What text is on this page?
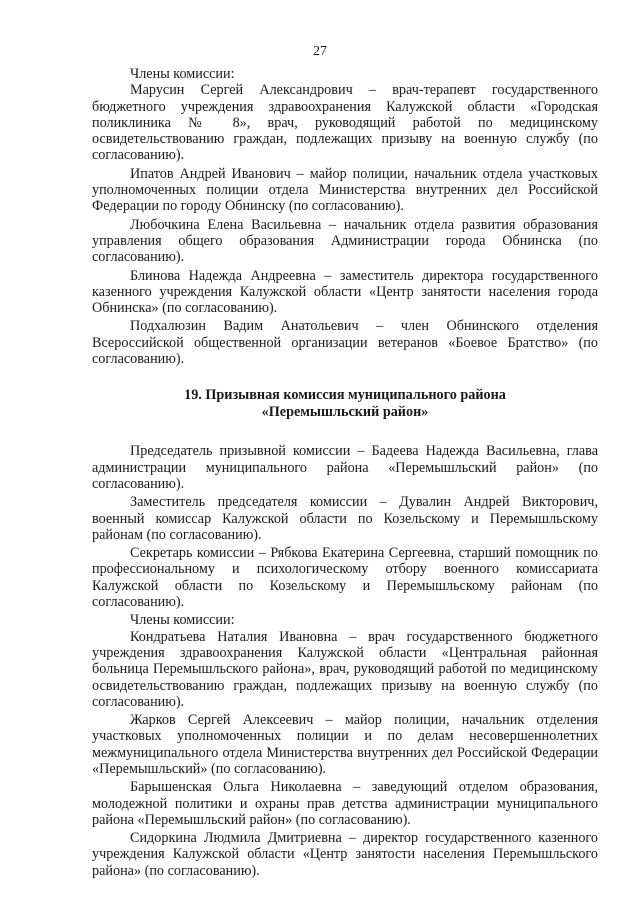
27

Члены комиссии:

Марусин Сергей Александрович – врач-терапевт государственного бюджетного учреждения здравоохранения Калужской области «Городская поликлиника № 8», врач, руководящий работой по медицинскому освидетельствованию граждан, подлежащих призыву на военную службу (по согласованию).

Ипатов Андрей Иванович – майор полиции, начальник отдела участковых уполномоченных полиции отдела Министерства внутренних дел Российской Федерации по городу Обнинску (по согласованию).

Любочкина Елена Васильевна – начальник отдела развития образования управления общего образования Администрации города Обнинска (по согласованию).

Блинова Надежда Андреевна – заместитель директора государственного казенного учреждения Калужской области «Центр занятости населения города Обнинска» (по согласованию).

Подхалюзин Вадим Анатольевич – член Обнинского отделения Всероссийской общественной организации ветеранов «Боевое Братство» (по согласованию).

19. Призывная комиссия муниципального района
«Перемышльский район»

Председатель призывной комиссии – Бадеева Надежда Васильевна, глава администрации муниципального района «Перемышльский район» (по согласованию).

Заместитель председателя комиссии – Дувалин Андрей Викторович, военный комиссар Калужской области по Козельскому и Перемышльскому районам (по согласованию).

Секретарь комиссии – Рябкова Екатерина Сергеевна, старший помощник по профессиональному и психологическому отбору военного комиссариата Калужской области по Козельскому и Перемышльскому районам (по согласованию).

Члены комиссии:

Кондратьева Наталия Ивановна – врач государственного бюджетного учреждения здравоохранения Калужской области «Центральная районная больница Перемышльского района», врач, руководящий работой по медицинскому освидетельствованию граждан, подлежащих призыву на военную службу (по согласованию).

Жарков Сергей Алексеевич – майор полиции, начальник отделения участковых уполномоченных полиции и по делам несовершеннолетних межмуниципального отдела Министерства внутренних дел Российской Федерации «Перемышльский» (по согласованию).

Барышенская Ольга Николаевна – заведующий отделом образования, молодежной политики и охраны прав детства администрации муниципального района «Перемышльский район» (по согласованию).

Сидоркина Людмила Дмитриевна – директор государственного казенного учреждения Калужской области «Центр занятости населения Перемышльского района» (по согласованию).
